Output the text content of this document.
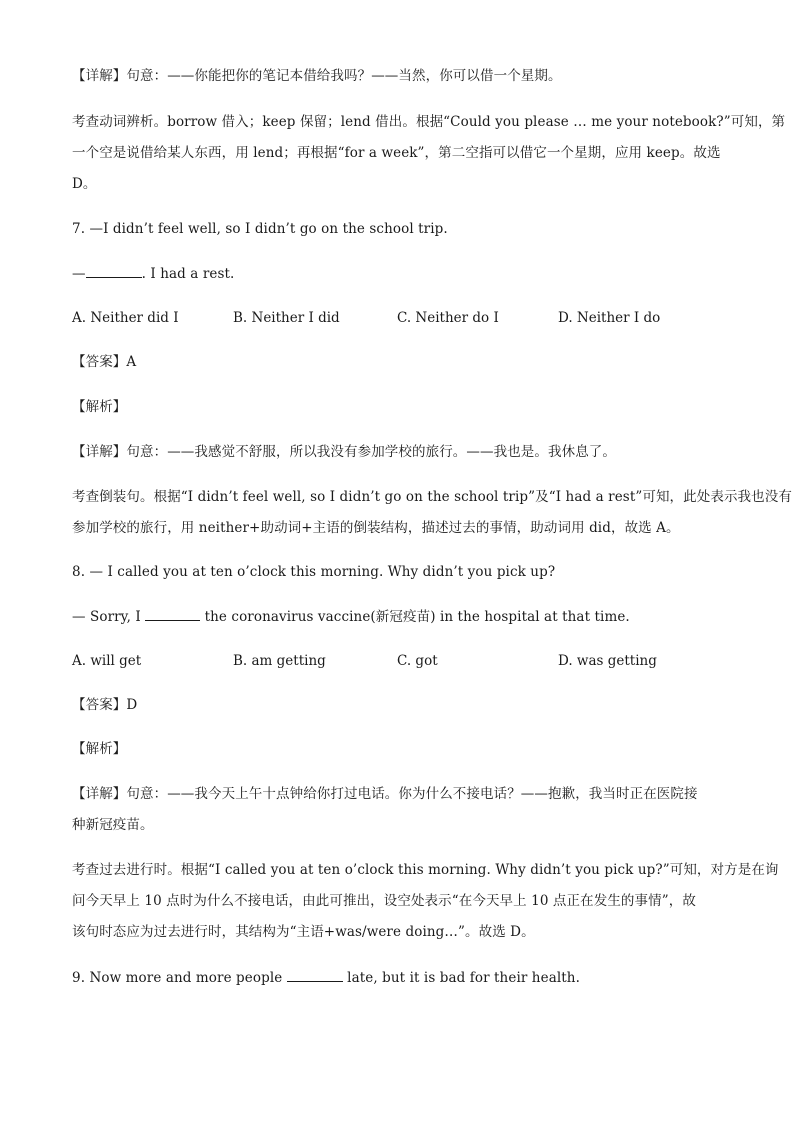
【详解】句意：——你能把你的笔记本借给我吗？——当然，你可以借一个星期。
考查动词辨析。borrow 借入；keep 保留；lend 借出。根据“Could you please … me your notebook?”可知，第
一个空是说借给某人东西，用 lend；再根据“for a week”，第二空指可以借它一个星期，应用 keep。故选
D。
7. —I didn’t feel well, so I didn’t go on the school trip.
—	. I had a rest.
A. Neither did I	B. Neither I did	C. Neither do I	D. Neither I do
【答案】A
【解析】
【详解】句意：——我感觉不舒服，所以我没有参加学校的旅行。——我也是。我休息了。
考查倒装句。根据“I didn’t feel well, so I didn’t go on the school trip”及“I had a rest”可知，此处表示我也没有
参加学校的旅行，用 neither+助动词+主语的倒装结构，描述过去的事情，助动词用 did，故选 A。
8. — I called you at ten o’clock this morning. Why didn’t you pick up?
— Sorry, I	the coronavirus vaccine(新冠疫苗) in the hospital at that time.
A. will get	B. am getting	C. got	D. was getting
【答案】D
【解析】
【详解】句意：——我今天上午十点钟给你打过电话。你为什么不接电话？——抱歉，我当时正在医院接
种新冠疫苗。
考查过去进行时。根据“I called you at ten o’clock this morning. Why didn’t you pick up?”可知，对方是在询
问今天早上 10 点时为什么不接电话，由此可推出，设空处表示“在今天早上 10 点正在发生的事情”，故
该句时态应为过去进行时，其结构为“主语+was/were doing…”。故选 D。
9. Now more and more people	late, but it is bad for their health.
